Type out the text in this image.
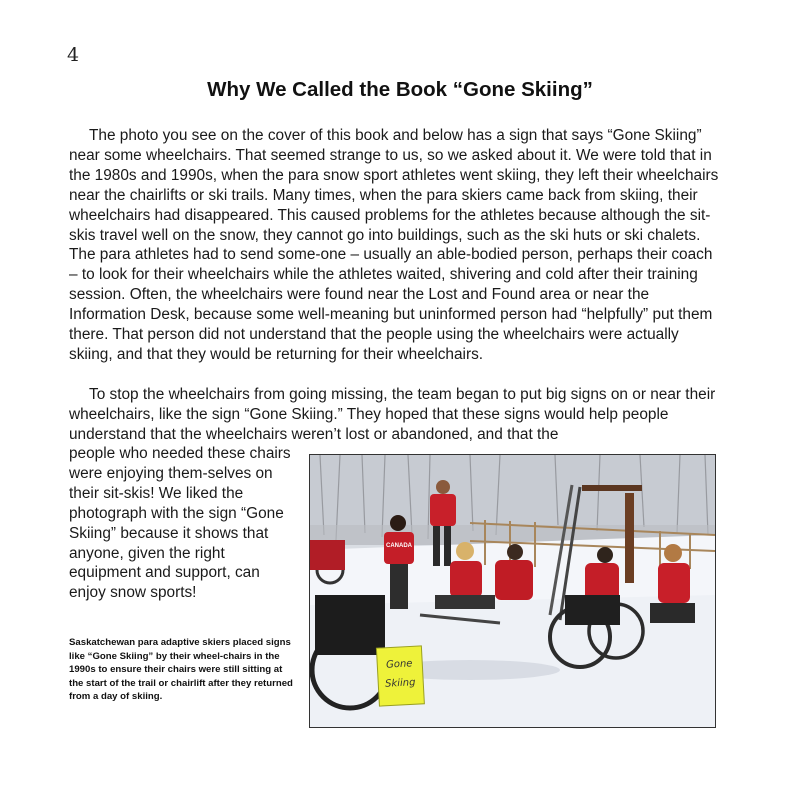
4
Why We Called the Book “Gone Skiing”

The photo you see on the cover of this book and below has a sign that says “Gone Skiing” near some wheelchairs. That seemed strange to us, so we asked about it. We were told that in the 1980s and 1990s, when the para snow sport athletes went skiing, they left their wheelchairs near the chairlifts or ski trails. Many times, when the para skiers came back from skiing, their wheelchairs had disappeared. This caused problems for the athletes because although the sit-skis travel well on the snow, they cannot go into buildings, such as the ski huts or ski chalets. The para athletes had to send some-one – usually an able-bodied person, perhaps their coach – to look for their wheelchairs while the athletes waited, shivering and cold after their training session. Often, the wheelchairs were found near the Lost and Found area or near the Information Desk, because some well-meaning but uninformed person had “helpfully” put them there. That person did not understand that the people using the wheelchairs were actually skiing, and that they would be returning for their wheelchairs.

To stop the wheelchairs from going missing, the team began to put big signs on or near their wheelchairs, like the sign “Gone Skiing.” They hoped that these signs would help people understand that the wheelchairs weren’t lost or abandoned, and that the

people who needed these chairs were enjoying them-selves on their sit-skis! We liked the photograph with the sign “Gone Skiing” because it shows that anyone, given the right equipment and support, can enjoy snow sports!

Saskatchewan para adaptive skiers placed signs like “Gone Skiing” by their wheel-chairs in the 1990s to ensure their chairs were still sitting at the start of the trail or chairlift after they returned from a day of skiing.

CANADA
Gone
Skiing
